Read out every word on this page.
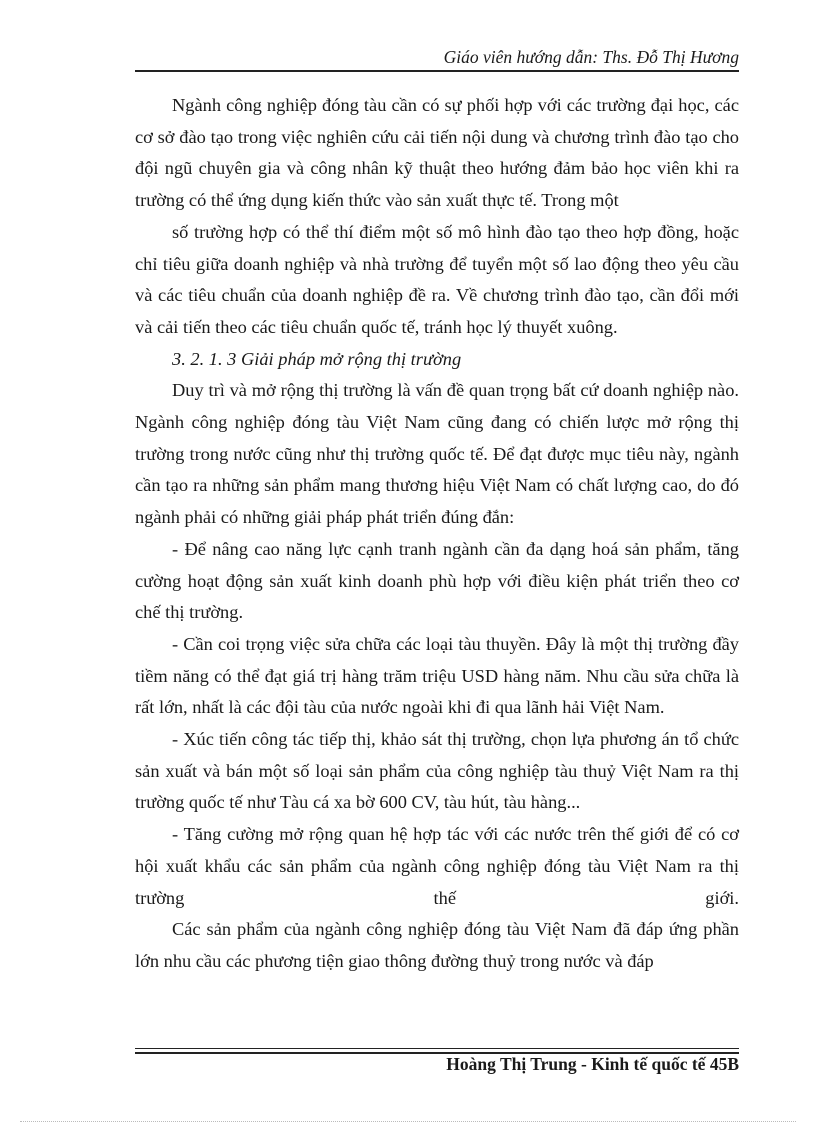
Giáo viên hướng dẫn: Ths. Đỗ Thị Hương

Ngành công nghiệp đóng tàu cần có sự phối hợp với các trường đại học, các cơ sở đào tạo trong việc nghiên cứu cải tiến nội dung và chương trình đào tạo cho đội ngũ chuyên gia và công nhân kỹ thuật theo hướng đảm bảo học viên khi ra trường có thể ứng dụng kiến thức vào sản xuất thực tế. Trong một

số trường hợp có thể thí điểm một số mô hình đào tạo theo hợp đồng, hoặc chỉ tiêu giữa doanh nghiệp và nhà trường để tuyển một số lao động theo yêu cầu và các tiêu chuẩn của doanh nghiệp đề ra. Về chương trình đào tạo, cần đổi mới và cải tiến theo các tiêu chuẩn quốc tế, tránh học lý thuyết xuông.

3. 2. 1. 3 Giải pháp mở rộng thị trường

Duy trì và mở rộng thị trường là vấn đề quan trọng bất cứ doanh nghiệp nào. Ngành công nghiệp đóng tàu Việt Nam cũng đang có chiến lược mở rộng thị trường trong nước cũng như thị trường quốc tế. Để đạt được mục tiêu này, ngành cần tạo ra những sản phẩm mang thương hiệu Việt Nam có chất lượng cao, do đó ngành phải có những giải pháp phát triển đúng đắn:

- Để nâng cao năng lực cạnh tranh ngành cần đa dạng hoá sản phẩm, tăng cường hoạt động sản xuất kinh doanh phù hợp với điều kiện phát triển theo cơ chế thị trường.

- Cần coi trọng việc sửa chữa các loại tàu thuyền. Đây là một thị trường đầy tiềm năng có thể đạt giá trị hàng trăm triệu USD hàng năm. Nhu cầu sửa chữa là rất lớn, nhất là các đội tàu của nước ngoài khi đi qua lãnh hải Việt Nam.

- Xúc tiến công tác tiếp thị, khảo sát thị trường, chọn lựa phương án tổ chức sản xuất và bán một số loại sản phẩm của công nghiệp tàu thuỷ Việt Nam ra thị trường quốc tế như Tàu cá xa bờ 600 CV, tàu hút, tàu hàng...

- Tăng cường mở rộng quan hệ hợp tác với các nước trên thế giới để có cơ hội xuất khẩu các sản phẩm của ngành công nghiệp đóng tàu Việt Nam ra thị trường thế giới.

Các sản phẩm của ngành công nghiệp đóng tàu Việt Nam đã đáp ứng phần lớn nhu cầu các phương tiện giao thông đường thuỷ trong nước và đáp

Hoàng Thị Trung - Kinh tế quốc tế 45B
